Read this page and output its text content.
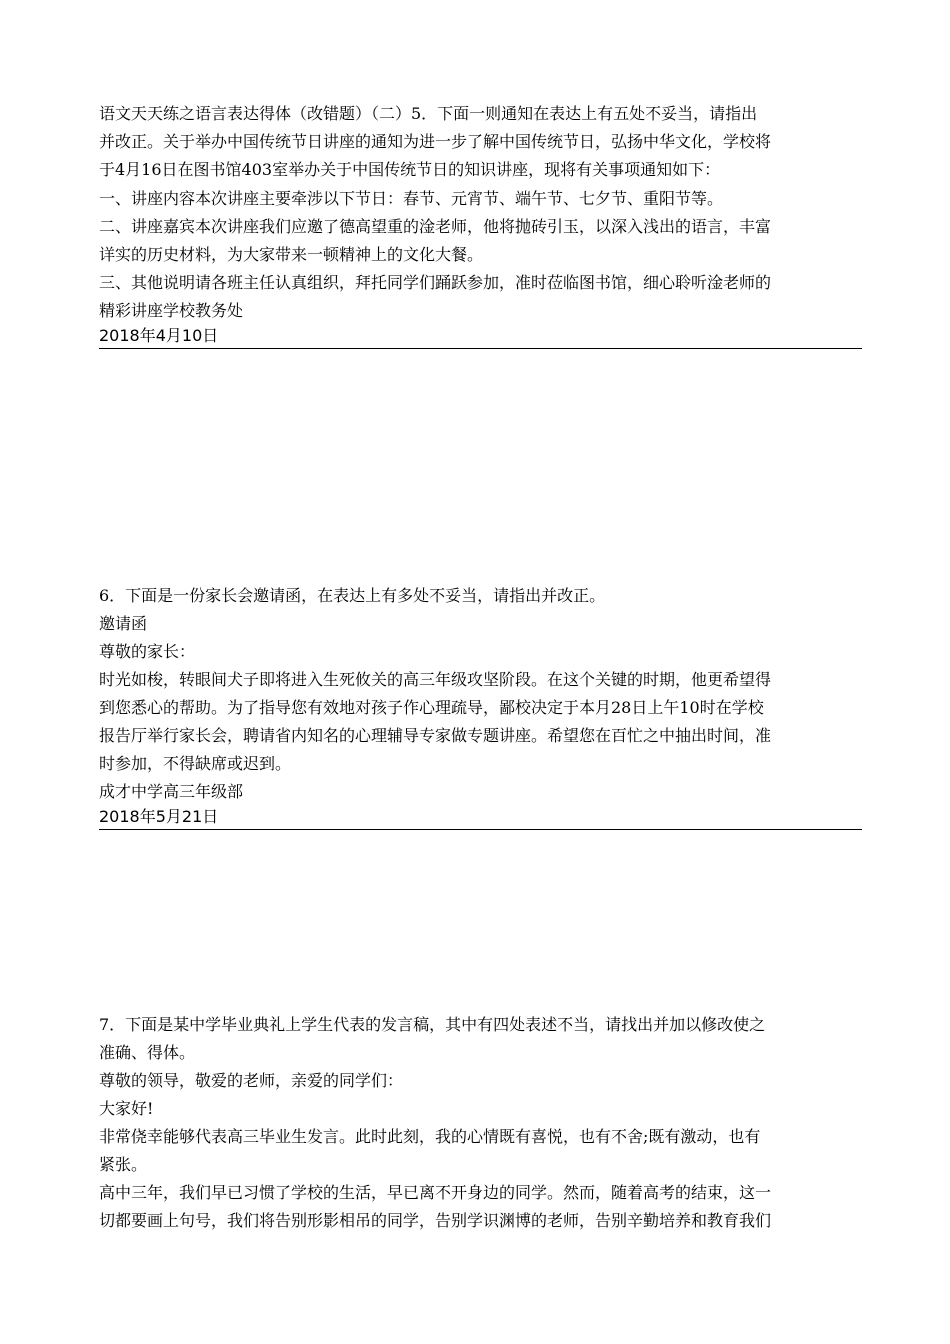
语文天天练之语言表达得体（改错题）（二）5．下面一则通知在表达上有五处不妥当，请指出
并改正。关于举办中国传统节日讲座的通知为进一步了解中国传统节日，弘扬中华文化，学校将
于4月16日在图书馆403室举办关于中国传统节日的知识讲座，现将有关事项通知如下：
一、讲座内容本次讲座主要牵涉以下节日：春节、元宵节、端午节、七夕节、重阳节等。
二、讲座嘉宾本次讲座我们应邀了德高望重的淦老师，他将抛砖引玉，以深入浅出的语言，丰富
详实的历史材料，为大家带来一顿精神上的文化大餐。
三、其他说明请各班主任认真组织，拜托同学们踊跃参加，准时莅临图书馆，细心聆听淦老师的
精彩讲座学校教务处
2018年4月10日
6．下面是一份家长会邀请函，在表达上有多处不妥当，请指出并改正。
邀请函
尊敬的家长：
时光如梭，转眼间犬子即将进入生死攸关的高三年级攻坚阶段。在这个关键的时期，他更希望得
到您悉心的帮助。为了指导您有效地对孩子作心理疏导，鄙校决定于本月28日上午10时在学校
报告厅举行家长会，聘请省内知名的心理辅导专家做专题讲座。希望您在百忙之中抽出时间，准
时参加，不得缺席或迟到。
成才中学高三年级部
2018年5月21日
7．下面是某中学毕业典礼上学生代表的发言稿，其中有四处表述不当，请找出并加以修改使之
准确、得体。
尊敬的领导，敬爱的老师，亲爱的同学们：
大家好!
非常侥幸能够代表高三毕业生发言。此时此刻，我的心情既有喜悦，也有不舍;既有激动，也有
紧张。
高中三年，我们早已习惯了学校的生活，早已离不开身边的同学。然而，随着高考的结束，这一
切都要画上句号，我们将告别形影相吊的同学，告别学识渊博的老师，告别辛勤培养和教育我们
